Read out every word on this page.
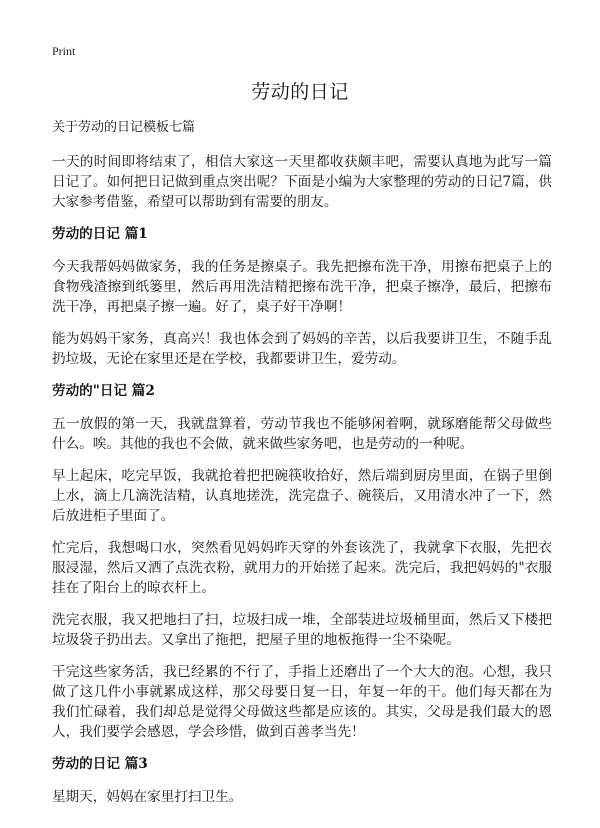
Print
劳动的日记
关于劳动的日记模板七篇

一天的时间即将结束了，相信大家这一天里都收获颇丰吧，需要认真地为此写一篇日记了。如何把日记做到重点突出呢？下面是小编为大家整理的劳动的日记7篇，供大家参考借鉴，希望可以帮助到有需要的朋友。

劳动的日记 篇1

今天我帮妈妈做家务，我的任务是擦桌子。我先把擦布洗干净，用擦布把桌子上的食物残渣擦到纸篓里，然后再用洗洁精把擦布洗干净，把桌子擦净，最后，把擦布洗干净，再把桌子擦一遍。好了，桌子好干净啊！

能为妈妈干家务，真高兴！我也体会到了妈妈的辛苦，以后我要讲卫生，不随手乱扔垃圾，无论在家里还是在学校，我都要讲卫生，爱劳动。

劳动的"日记 篇2

五一放假的第一天，我就盘算着，劳动节我也不能够闲着啊，就琢磨能帮父母做些什么。唉。其他的我也不会做，就来做些家务吧，也是劳动的一种呢。

早上起床，吃完早饭，我就抢着把把碗筷收拾好，然后端到厨房里面，在锅子里倒上水，滴上几滴洗洁精，认真地搓洗，洗完盘子、碗筷后，又用清水冲了一下，然后放进柜子里面了。

忙完后，我想喝口水，突然看见妈妈昨天穿的外套该洗了，我就拿下衣服，先把衣服浸湿，然后又洒了点洗衣粉，就用力的开始搓了起来。洗完后，我把妈妈的"衣服挂在了阳台上的晾衣杆上。

洗完衣服，我又把地扫了扫，垃圾扫成一堆，全部装进垃圾桶里面，然后又下楼把垃圾袋子扔出去。又拿出了拖把，把屋子里的地板拖得一尘不染呢。

干完这些家务活，我已经累的不行了，手指上还磨出了一个大大的泡。心想，我只做了这几件小事就累成这样，那父母要日复一日，年复一年的干。他们每天都在为我们忙碌着，我们却总是觉得父母做这些都是应该的。其实，父母是我们最大的恩人，我们要学会感恩，学会珍惜，做到百善孝当先！

劳动的日记 篇3

星期天，妈妈在家里打扫卫生。
